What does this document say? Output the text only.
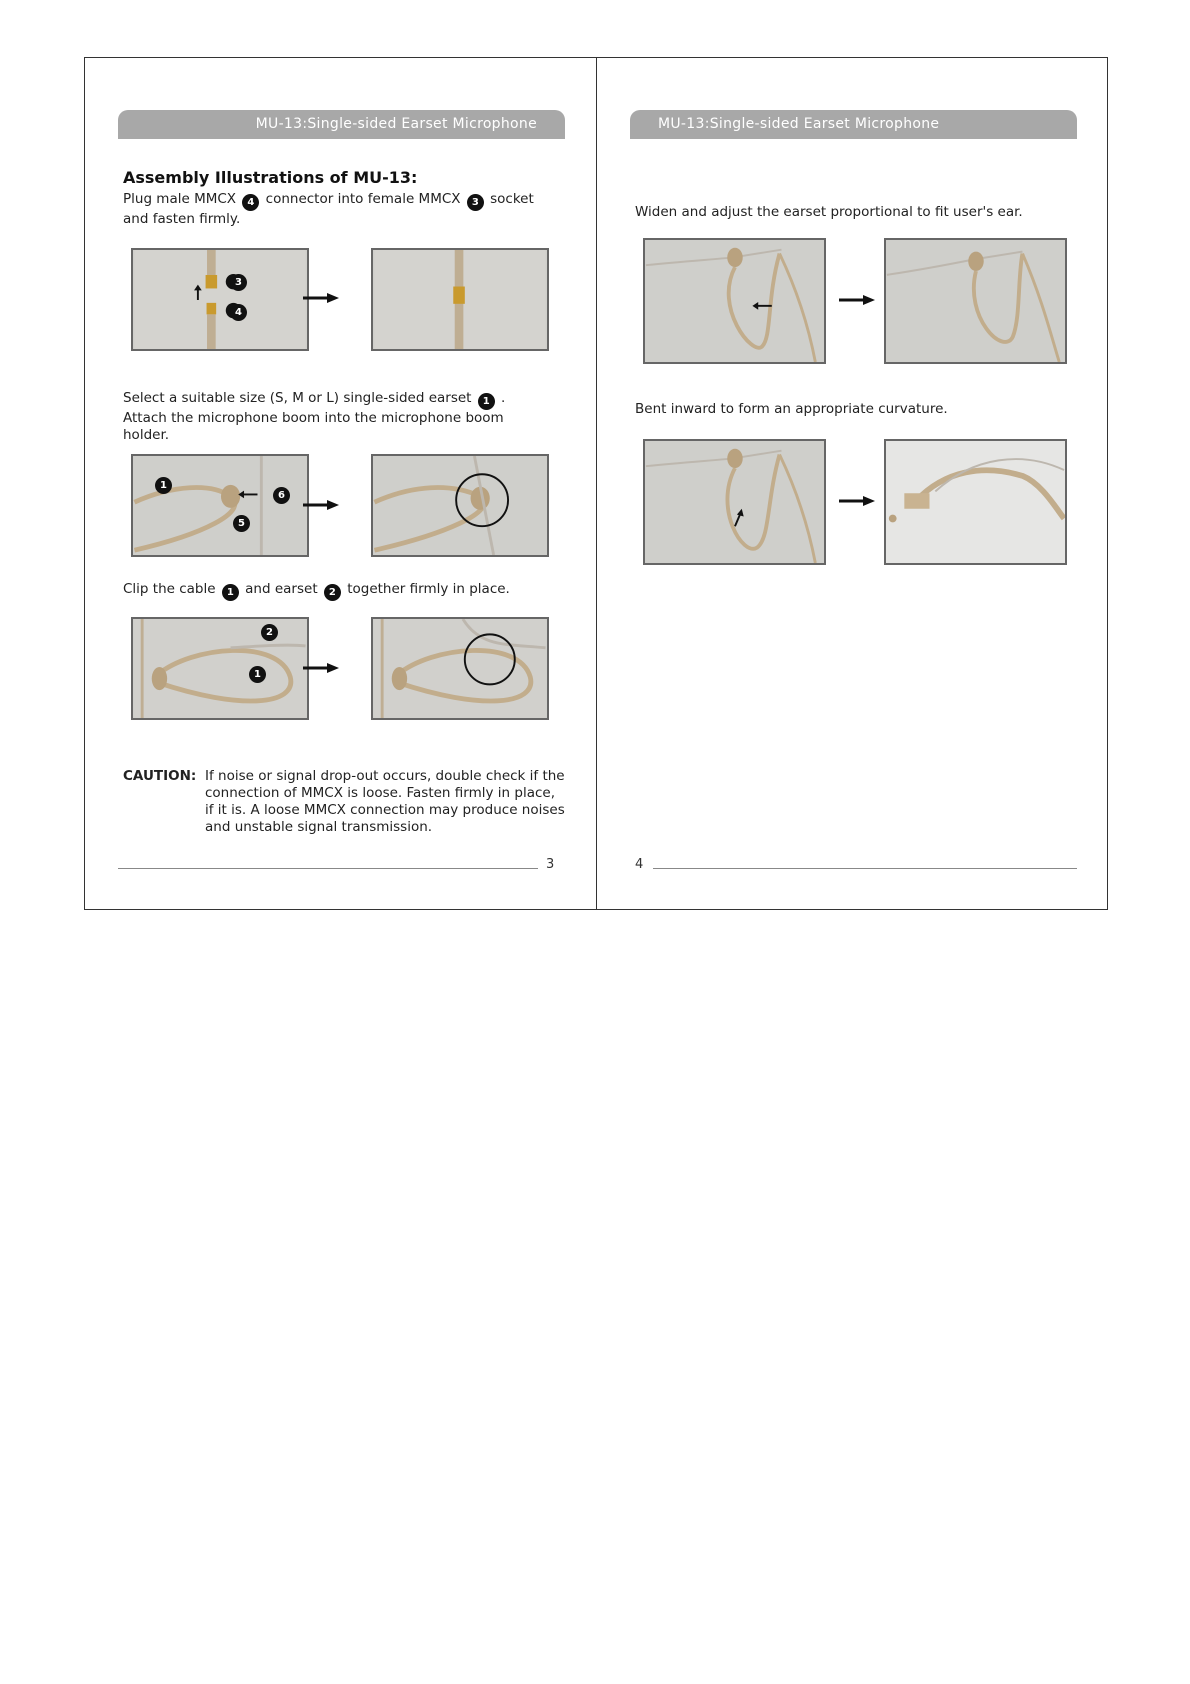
MU-13:Single-sided Earset Microphone
Assembly Illustrations of MU-13:
Plug male MMCX 4 connector into female MMCX 3 socket and fasten firmly.
3
4
Select a suitable size (S, M or L) single-sided earset 1 . Attach the microphone boom into the microphone boom holder.
1
6
5
Clip the cable 1 and earset 2 together firmly in place.
2
1
CAUTION: If noise or signal drop-out occurs, double check if the connection of MMCX is loose. Fasten firmly in place, if it is. A loose MMCX connection may produce noises and unstable signal transmission.
3
MU-13:Single-sided Earset Microphone
Widen and adjust the earset proportional to fit user's ear.
Bent inward to form an appropriate curvature.
4
